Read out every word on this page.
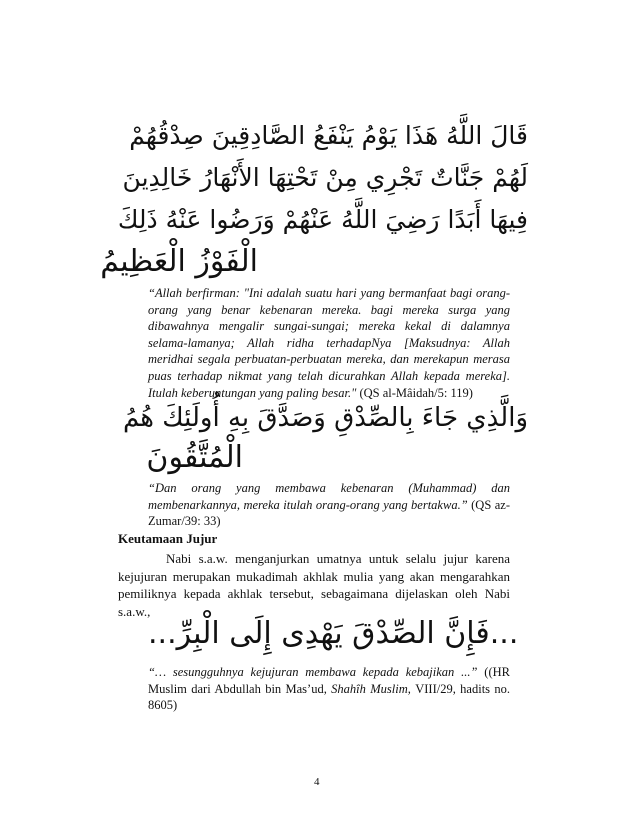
قَالَ اللَّهُ هَذَا يَوْمُ يَنْفَعُ الصَّادِقِينَ صِدْقُهُمْ
لَهُمْ جَنَّاتٌ تَجْرِي مِنْ تَحْتِهَا الأَنْهَارُ خَالِدِينَ
فِيهَا أَبَدًا رَضِيَ اللَّهُ عَنْهُمْ وَرَضُوا عَنْهُ ذَلِكَ
الْفَوْزُ الْعَظِيمُ
“Allah berfirman: "Ini adalah suatu hari yang bermanfaat bagi orang-orang yang benar kebenaran mereka. bagi mereka surga yang dibawahnya mengalir sungai-sungai; mereka kekal di dalamnya selama-lamanya; Allah ridha terhadapNya [Maksudnya: Allah meridhai segala perbuatan-perbuatan mereka, dan merekapun merasa puas terhadap nikmat yang telah dicurahkan Allah kepada mereka]. Itulah keberuntungan yang paling besar." (QS al-Mâidah/5: 119)
وَالَّذِي جَاءَ بِالصِّدْقِ وَصَدَّقَ بِهِ أُولَئِكَ هُمُ
الْمُتَّقُونَ
“Dan orang yang membawa kebenaran (Muhammad) dan membenarkannya, mereka itulah orang-orang yang bertakwa.” (QS az-Zumar/39: 33)
Keutamaan Jujur
Nabi s.a.w. menganjurkan umatnya untuk selalu jujur karena kejujuran merupakan mukadimah akhlak mulia yang akan mengarahkan pemiliknya kepada akhlak tersebut, sebagaimana dijelaskan oleh Nabi s.a.w.,
...فَإِنَّ الصِّدْقَ يَهْدِى إِلَى الْبِرِّ...
“… sesungguhnya kejujuran membawa kepada kebajikan ...” ((HR Muslim dari Abdullah bin Mas’ud, Shahîh Muslim, VIII/29, hadits no. 8605)
4
